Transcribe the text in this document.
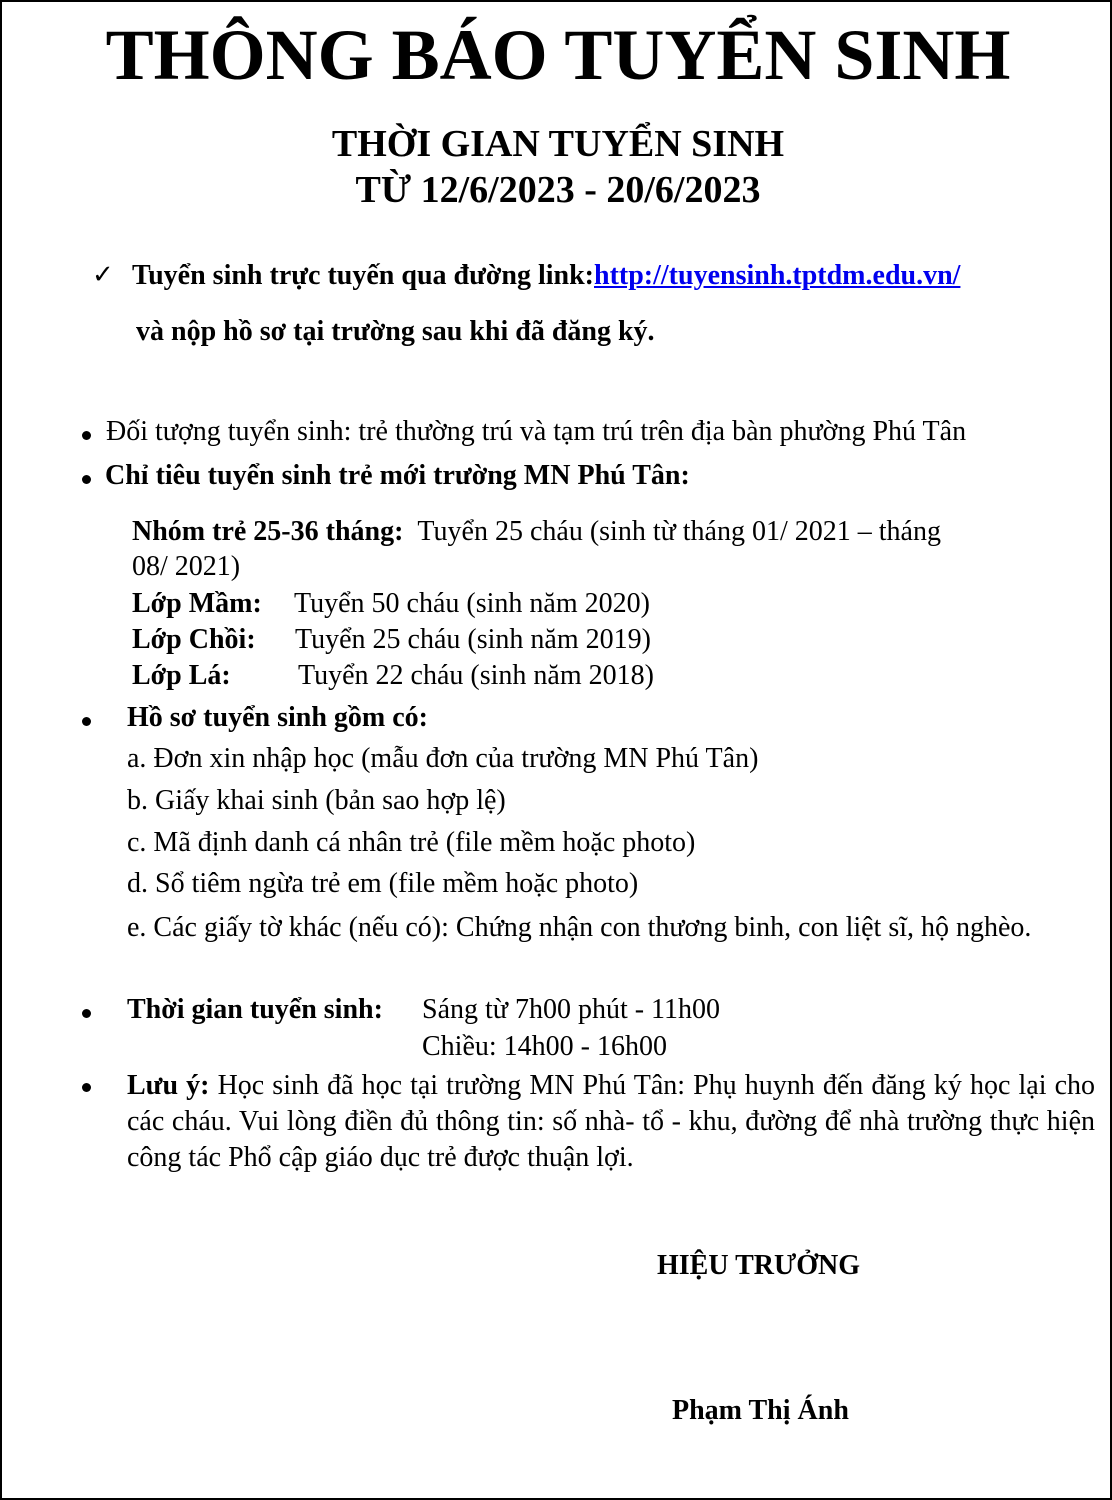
THÔNG BÁO TUYỂN SINH
THỜI GIAN TUYỂN SINH
TỪ 12/6/2023 - 20/6/2023
✓ Tuyển sinh trực tuyến qua đường link:http://tuyensinh.tptdm.edu.vn/
và nộp hồ sơ tại trường sau khi đã đăng ký.
Đối tượng tuyển sinh: trẻ thường trú và tạm trú trên địa bàn phường Phú Tân
Chỉ tiêu tuyển sinh trẻ mới trường MN Phú Tân:
Nhóm trẻ 25-36 tháng: Tuyển 25 cháu (sinh từ tháng 01/ 2021 – tháng
08/ 2021)
Lớp Mầm: Tuyển 50 cháu (sinh năm 2020)
Lớp Chồi: Tuyển 25 cháu (sinh năm 2019)
Lớp Lá: Tuyển 22 cháu (sinh năm 2018)
Hồ sơ tuyển sinh gồm có:
a. Đơn xin nhập học (mẫu đơn của trường MN Phú Tân)
b. Giấy khai sinh (bản sao hợp lệ)
c. Mã định danh cá nhân trẻ (file mềm hoặc photo)
d. Sổ tiêm ngừa trẻ em (file mềm hoặc photo)
e. Các giấy tờ khác (nếu có): Chứng nhận con thương binh, con liệt sĩ, hộ nghèo.
Thời gian tuyển sinh: Sáng từ 7h00 phút - 11h00
Chiều: 14h00 - 16h00
Lưu ý: Học sinh đã học tại trường MN Phú Tân: Phụ huynh đến đăng ký học lại cho các cháu. Vui lòng điền đủ thông tin: số nhà- tổ - khu, đường để nhà trường thực hiện công tác Phổ cập giáo dục trẻ được thuận lợi.
HIỆU TRƯỞNG
Phạm Thị Ánh
